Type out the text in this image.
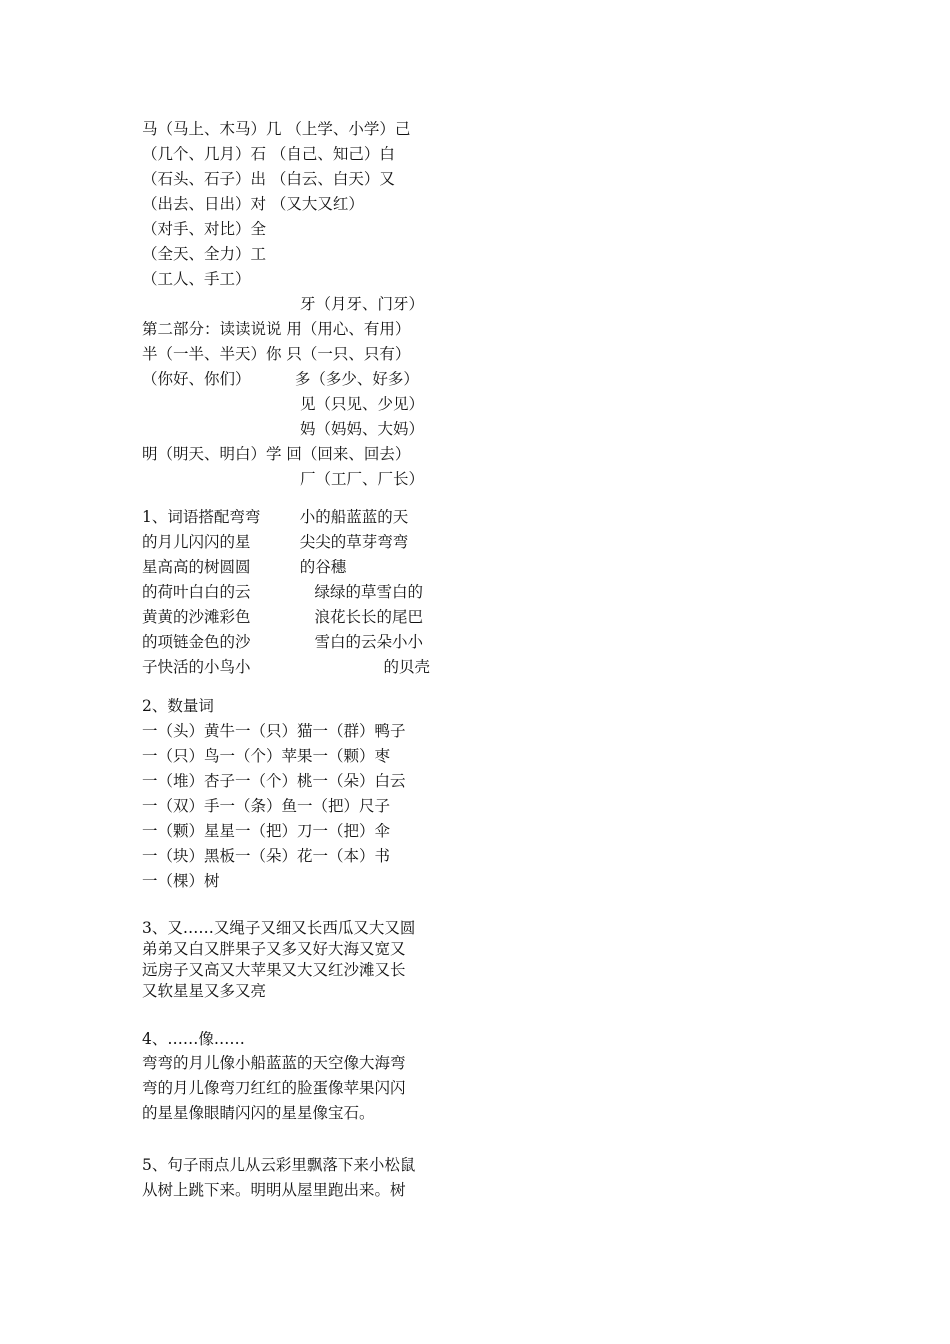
马（马上、木马）几 （上学、小学）己
（几个、几月）石 （自己、知己）白
（石头、石子）出 （白云、白天）又
（出去、日出）对 （又大又红）
（对手、对比）全
（全天、全力）工
（工人、手工）
牙（月牙、门牙）
第二部分：读读说说 用（用心、有用）
半（一半、半天）你 只（一只、只有）
（你好、你们）         多（多少、好多）
见（只见、少见）
妈（妈妈、大妈）
明（明天、明白）学 回（回来、回去）
厂（工厂、厂长）
1、词语搭配弯弯        小的船蓝蓝的天
的月儿闪闪的星          尖尖的草芽弯弯
星高高的树圆圆          的谷穗
的荷叶白白的云             绿绿的草雪白的
黄黄的沙滩彩色             浪花长长的尾巴
的项链金色的沙             雪白的云朵小小
子快活的小鸟小                           的贝壳
2、数量词
一（头）黄牛一（只）猫一（群）鸭子
一（只）鸟一（个）苹果一（颗）枣
一（堆）杏子一（个）桃一（朵）白云
一（双）手一（条）鱼一（把）尺子
一（颗）星星一（把）刀一（把）伞
一（块）黑板一（朵）花一（本）书
一（棵）树
3、又……又绳子又细又长西瓜又大又圆
弟弟又白又胖果子又多又好大海又宽又
远房子又高又大苹果又大又红沙滩又长
又软星星又多又亮
4、……像……
弯弯的月儿像小船蓝蓝的天空像大海弯
弯的月儿像弯刀红红的脸蛋像苹果闪闪
的星星像眼睛闪闪的星星像宝石。
5、句子雨点儿从云彩里飘落下来小松鼠
从树上跳下来。明明从屋里跑出来。树
